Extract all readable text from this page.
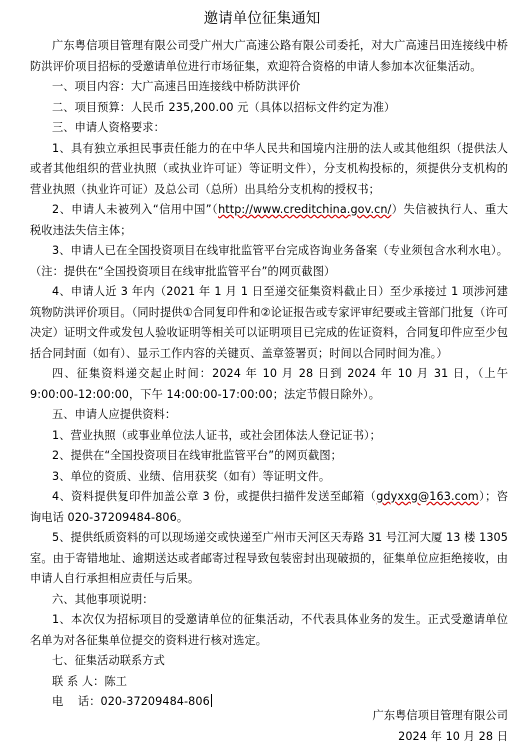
邀请单位征集通知

广东粤信项目管理有限公司受广州大广高速公路有限公司委托，对大广高速吕田连接线中桥防洪评价项目招标的受邀请单位进行市场征集，欢迎符合资格的申请人参加本次征集活动。

一、项目内容：大广高速吕田连接线中桥防洪评价

二、项目预算：人民币 235,200.00 元（具体以招标文件约定为准）

三、申请人资格要求：

1、具有独立承担民事责任能力的在中华人民共和国境内注册的法人或其他组织（提供法人或者其他组织的营业执照（或执业许可证）等证明文件），分支机构投标的，须提供分支机构的营业执照（执业许可证）及总公司（总所）出具给分支机构的授权书；

2、申请人未被列入“信用中国”（http://www.creditchina.gov.cn/）失信被执行人、重大税收违法失信主体；

3、申请人已在全国投资项目在线审批监管平台完成咨询业务备案（专业须包含水利水电）。（注：提供在“全国投资项目在线审批监管平台”的网页截图）

4、申请人近 3 年内（2021 年 1 月 1 日至递交征集资料截止日）至少承接过 1 项涉河建筑物防洪评价项目。（同时提供①合同复印件和②论证报告或专家评审纪要或主管部门批复（许可决定）证明文件或发包人验收证明等相关可以证明项目已完成的佐证资料，合同复印件应至少包括合同封面（如有）、显示工作内容的关键页、盖章签署页；时间以合同时间为准。）

四、征集资料递交起止时间：2024 年 10 月 28 日到 2024 年 10 月 31 日，（上午 9:00:00-12:00:00，下午 14:00:00-17:00:00；法定节假日除外）。

五、申请人应提供资料：

1、营业执照（或事业单位法人证书，或社会团体法人登记证书）；

2、提供在“全国投资项目在线审批监管平台”的网页截图；

3、单位的资质、业绩、信用获奖（如有）等证明文件。

4、资料提供复印件加盖公章 3 份，或提供扫描件发送至邮箱（gdyxxg@163.com）；咨询电话 020-37209484-806。

5、提供纸质资料的可以现场递交或快递至广州市天河区天寿路 31 号江河大厦 13 楼 1305 室。由于寄错地址、逾期送达或者邮寄过程导致包装密封出现破损的，征集单位应拒绝接收，由申请人自行承担相应责任与后果。

六、其他事项说明：

1、本次仅为招标项目的受邀请单位的征集活动，不代表具体业务的发生。正式受邀请单位名单为对各征集单位提交的资料进行核对选定。

七、征集活动联系方式

联 系 人：陈工

电    话：020-37209484-806

广东粤信项目管理有限公司
2024 年 10 月 28 日
